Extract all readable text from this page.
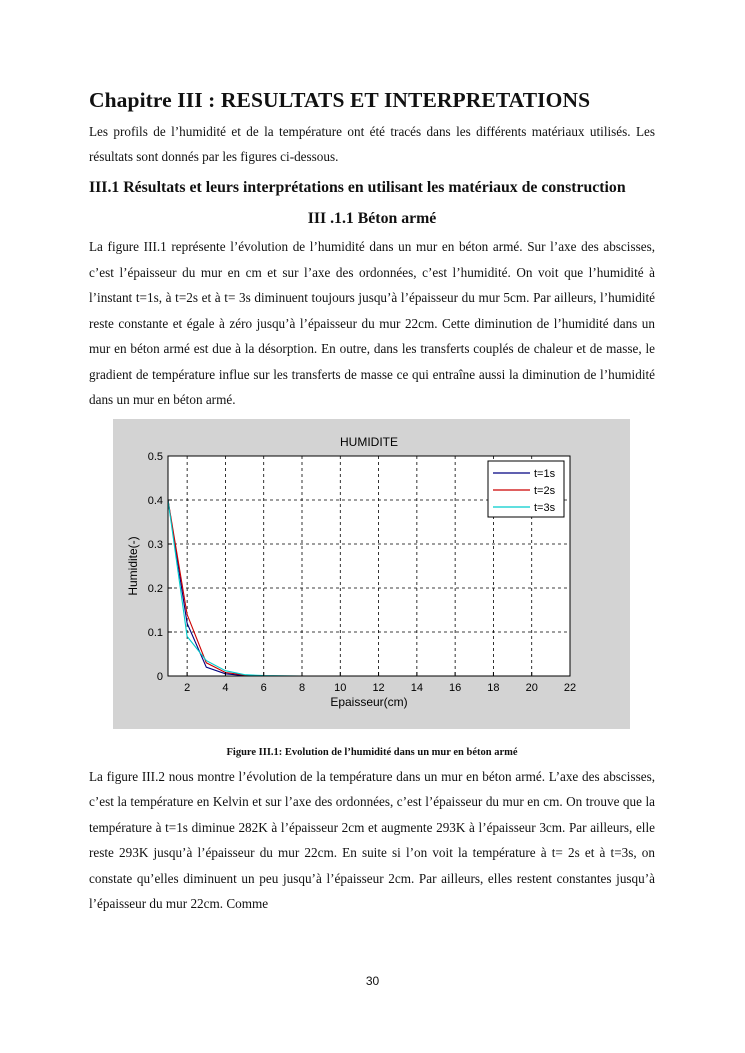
Chapitre III : RESULTATS ET INTERPRETATIONS

Les profils de l’humidité et de la température ont été tracés dans les différents matériaux utilisés. Les résultats sont donnés par les figures ci-dessous.

III.1 Résultats et leurs interprétations en utilisant les matériaux de construction
III .1.1 Béton armé

La figure III.1 représente l’évolution de l’humidité dans un mur en béton armé. Sur l’axe des abscisses, c’est l’épaisseur du mur en cm et sur l’axe des ordonnées, c’est l’humidité. On voit que l’humidité à l’instant t=1s, à t=2s et à t= 3s diminuent toujours jusqu’à l’épaisseur du mur 5cm. Par ailleurs, l’humidité reste constante et égale à zéro jusqu’à l’épaisseur du mur 22cm. Cette diminution de l’humidité dans un mur en béton armé est due à la désorption. En outre, dans les transferts couplés de chaleur et de masse, le gradient de température influe sur les transferts de masse ce qui entraîne aussi la diminution de l’humidité dans un mur en béton armé.

2	4	6	8	10 12 14 16 18 20 22
0
0.1
0.2
0.3
0.4
0.5
HUMIDITE
Epaisseur(cm)
Humidite(-)
t=1s
t=2s
t=3s
Figure III.1: Evolution de l’humidité dans un mur en béton armé

La figure III.2 nous montre l’évolution de la température dans un mur en béton armé. L’axe des abscisses, c’est la température en Kelvin et sur l’axe des ordonnées, c’est l’épaisseur du mur en cm. On trouve que la température à t=1s diminue 282K à l’épaisseur 2cm et augmente 293K à l’épaisseur 3cm. Par ailleurs, elle reste 293K jusqu’à l’épaisseur du mur 22cm. En suite si l’on voit la température à t= 2s et à t=3s, on constate qu’elles diminuent un peu jusqu’à l’épaisseur 2cm. Par ailleurs, elles restent constantes jusqu’à l’épaisseur du mur 22cm. Comme

30
